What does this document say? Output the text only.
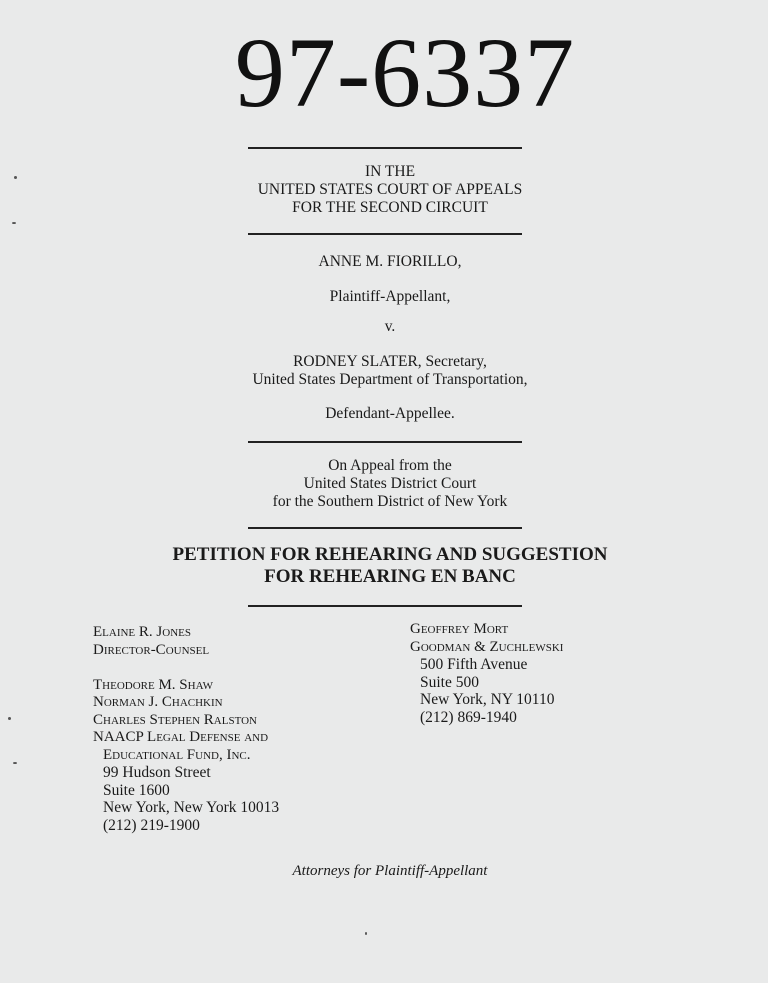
97-6337
IN THE
UNITED STATES COURT OF APPEALS
FOR THE SECOND CIRCUIT
ANNE M. FIORILLO,
Plaintiff-Appellant,
v.
RODNEY SLATER, Secretary,
United States Department of Transportation,
Defendant-Appellee.
On Appeal from the
United States District Court
for the Southern District of New York
PETITION FOR REHEARING AND SUGGESTION
FOR REHEARING EN BANC
Elaine R. Jones
Director-Counsel
Theodore M. Shaw
Norman J. Chachkin
Charles Stephen Ralston
NAACP Legal Defense and
Educational Fund, Inc.
99 Hudson Street
Suite 1600
New York, New York 10013
(212) 219-1900
Geoffrey Mort
Goodman & Zuchlewski
500 Fifth Avenue
Suite 500
New York, NY 10110
(212) 869-1940
Attorneys for Plaintiff-Appellant
